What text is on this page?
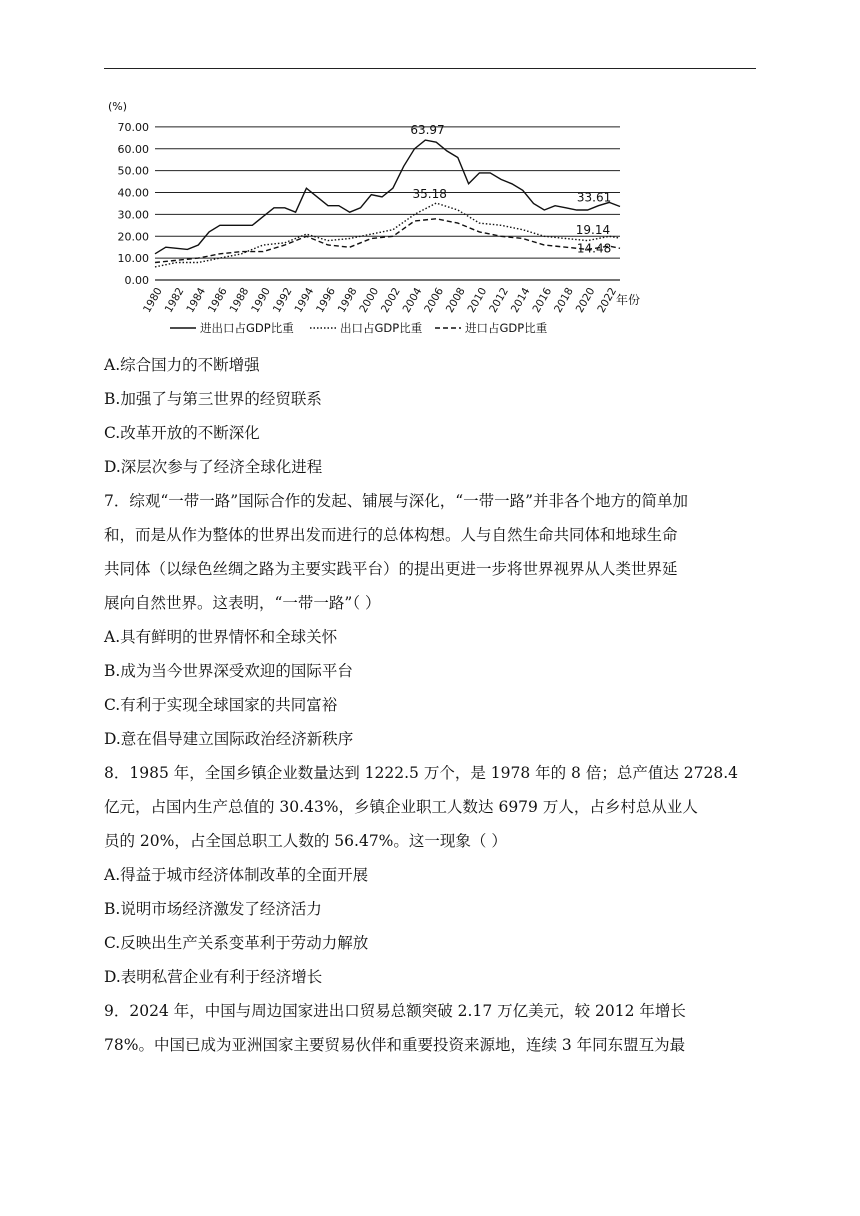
(%)
70.00
60.00
50.00
40.00
30.00
20.00
10.00
0.00
1980
1982
1984
1986
1988
1990
1992
1994
1996
1998
2000
2002
2004
2006
2008
2010
2012
2014
2016
2018
2020
2022
年份
63.97
35.18	33.61
19.14
14.48
进出口占GDP比重	出口占GDP比重	进口占GDP比重
A.综合国力的不断增强
B.加强了与第三世界的经贸联系
C.改革开放的不断深化
D.深层次参与了经济全球化进程
7．综观“一带一路”国际合作的发起、铺展与深化，“一带一路”并非各个地方的简单加
和，而是从作为整体的世界出发而进行的总体构想。人与自然生命共同体和地球生命
共同体（以绿色丝绸之路为主要实践平台）的提出更进一步将世界视界从人类世界延
展向自然世界。这表明，“一带一路”（ ）
A.具有鲜明的世界情怀和全球关怀
B.成为当今世界深受欢迎的国际平台
C.有利于实现全球国家的共同富裕
D.意在倡导建立国际政治经济新秩序
8．1985 年，全国乡镇企业数量达到 1222.5 万个，是 1978 年的 8 倍；总产值达 2728.4
亿元，占国内生产总值的 30.43%，乡镇企业职工人数达 6979 万人，占乡村总从业人
员的 20%，占全国总职工人数的 56.47%。这一现象（ ）
A.得益于城市经济体制改革的全面开展
B.说明市场经济激发了经济活力
C.反映出生产关系变革利于劳动力解放
D.表明私营企业有利于经济增长
9．2024 年，中国与周边国家进出口贸易总额突破 2.17 万亿美元，较 2012 年增长
78%。中国已成为亚洲国家主要贸易伙伴和重要投资来源地，连续 3 年同东盟互为最
